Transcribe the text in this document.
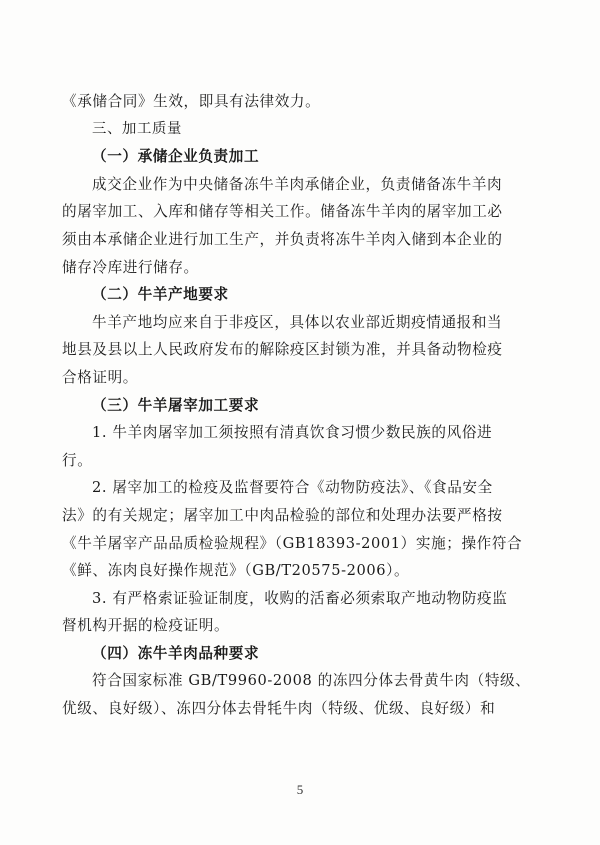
《承储合同》生效，即具有法律效力。
三、加工质量
（一）承储企业负责加工
成交企业作为中央储备冻牛羊肉承储企业，负责储备冻牛羊肉
的屠宰加工、入库和储存等相关工作。储备冻牛羊肉的屠宰加工必
须由本承储企业进行加工生产，并负责将冻牛羊肉入储到本企业的
储存冷库进行储存。
（二）牛羊产地要求
牛羊产地均应来自于非疫区，具体以农业部近期疫情通报和当
地县及县以上人民政府发布的解除疫区封锁为准，并具备动物检疫
合格证明。
（三）牛羊屠宰加工要求
1. 牛羊肉屠宰加工须按照有清真饮食习惯少数民族的风俗进
行。
2. 屠宰加工的检疫及监督要符合《动物防疫法》、《食品安全
法》的有关规定；屠宰加工中肉品检验的部位和处理办法要严格按
《牛羊屠宰产品品质检验规程》（GB18393-2001）实施；操作符合
《鲜、冻肉良好操作规范》（GB/T20575-2006）。
3. 有严格索证验证制度，收购的活畜必须索取产地动物防疫监
督机构开据的检疫证明。
（四）冻牛羊肉品种要求
符合国家标准 GB/T9960-2008 的冻四分体去骨黄牛肉（特级、
优级、良好级）、冻四分体去骨牦牛肉（特级、优级、良好级）和
5
